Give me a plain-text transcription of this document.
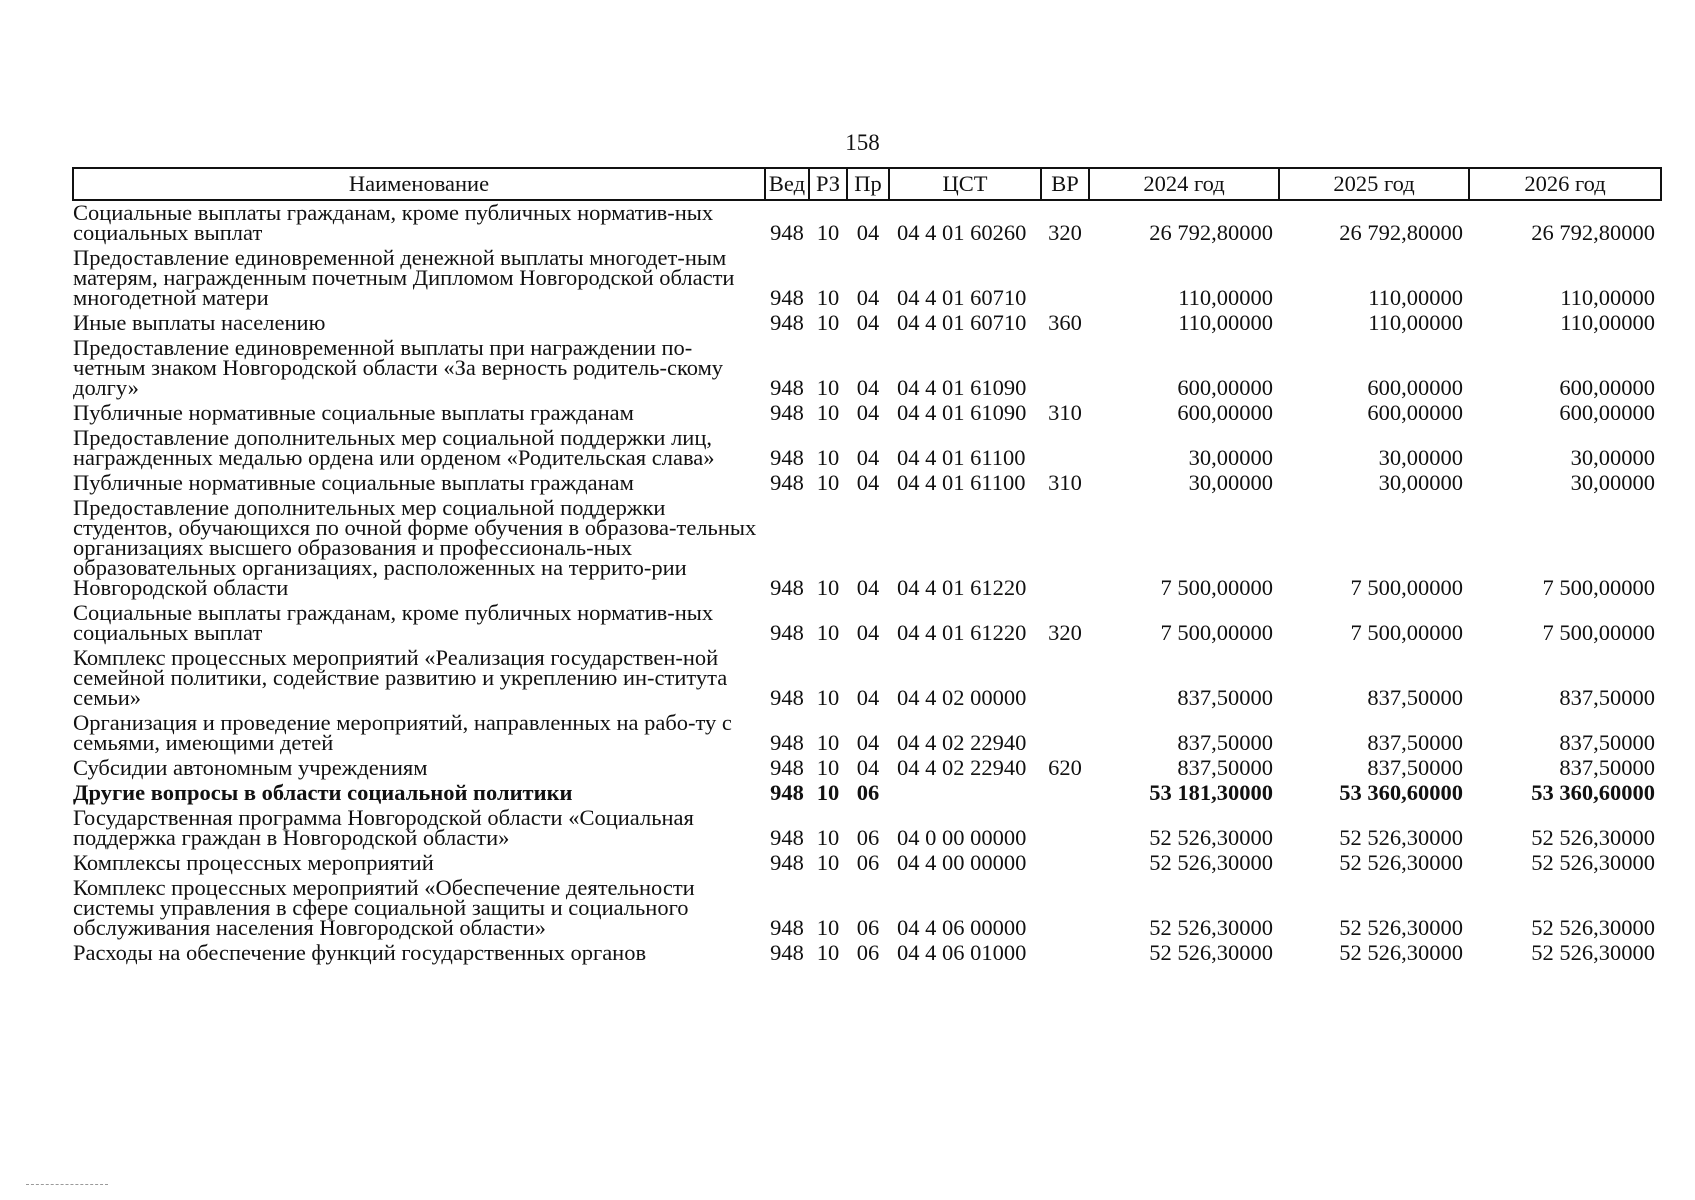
158
Наименование	Вед	РЗ	Пр	ЦСТ	ВР	2024 год	2025 год	2026 год
Социальные выплаты гражданам, кроме публичных норматив-ных социальных выплат	948	10	04	04 4 01 60260	320	26 792,80000	26 792,80000	26 792,80000
Предоставление единовременной денежной выплаты многодет-ным матерям, награжденным почетным Дипломом Новгородской области многодетной матери	948	10	04	04 4 01 60710		110,00000	110,00000	110,00000
Иные выплаты населению	948	10	04	04 4 01 60710	360	110,00000	110,00000	110,00000
Предоставление единовременной выплаты при награждении по-четным знаком Новгородской области «За верность родитель-скому долгу»	948	10	04	04 4 01 61090		600,00000	600,00000	600,00000
Публичные нормативные социальные выплаты гражданам	948	10	04	04 4 01 61090	310	600,00000	600,00000	600,00000
Предоставление дополнительных мер социальной поддержки лиц, награжденных медалью ордена или орденом «Родительская слава»	948	10	04	04 4 01 61100		30,00000	30,00000	30,00000
Публичные нормативные социальные выплаты гражданам	948	10	04	04 4 01 61100	310	30,00000	30,00000	30,00000
Предоставление дополнительных мер социальной поддержки студентов, обучающихся по очной форме обучения в образова-тельных организациях высшего образования и профессиональ-ных образовательных организациях, расположенных на террито-рии Новгородской области	948	10	04	04 4 01 61220		7 500,00000	7 500,00000	7 500,00000
Социальные выплаты гражданам, кроме публичных норматив-ных социальных выплат	948	10	04	04 4 01 61220	320	7 500,00000	7 500,00000	7 500,00000
Комплекс процессных мероприятий «Реализация государствен-ной семейной политики, содействие развитию и укреплению ин-ститута семьи»	948	10	04	04 4 02 00000		837,50000	837,50000	837,50000
Организация и проведение мероприятий, направленных на рабо-ту с семьями, имеющими детей	948	10	04	04 4 02 22940		837,50000	837,50000	837,50000
Субсидии автономным учреждениям	948	10	04	04 4 02 22940	620	837,50000	837,50000	837,50000
Другие вопросы в области социальной политики	948	10	06			53 181,30000	53 360,60000	53 360,60000
Государственная программа Новгородской области «Социальная поддержка граждан в Новгородской области»	948	10	06	04 0 00 00000		52 526,30000	52 526,30000	52 526,30000
Комплексы процессных мероприятий	948	10	06	04 4 00 00000		52 526,30000	52 526,30000	52 526,30000
Комплекс процессных мероприятий «Обеспечение деятельности системы управления в сфере социальной защиты и социального обслуживания населения Новгородской области»	948	10	06	04 4 06 00000		52 526,30000	52 526,30000	52 526,30000
Расходы на обеспечение функций государственных органов	948	10	06	04 4 06 01000		52 526,30000	52 526,30000	52 526,30000
